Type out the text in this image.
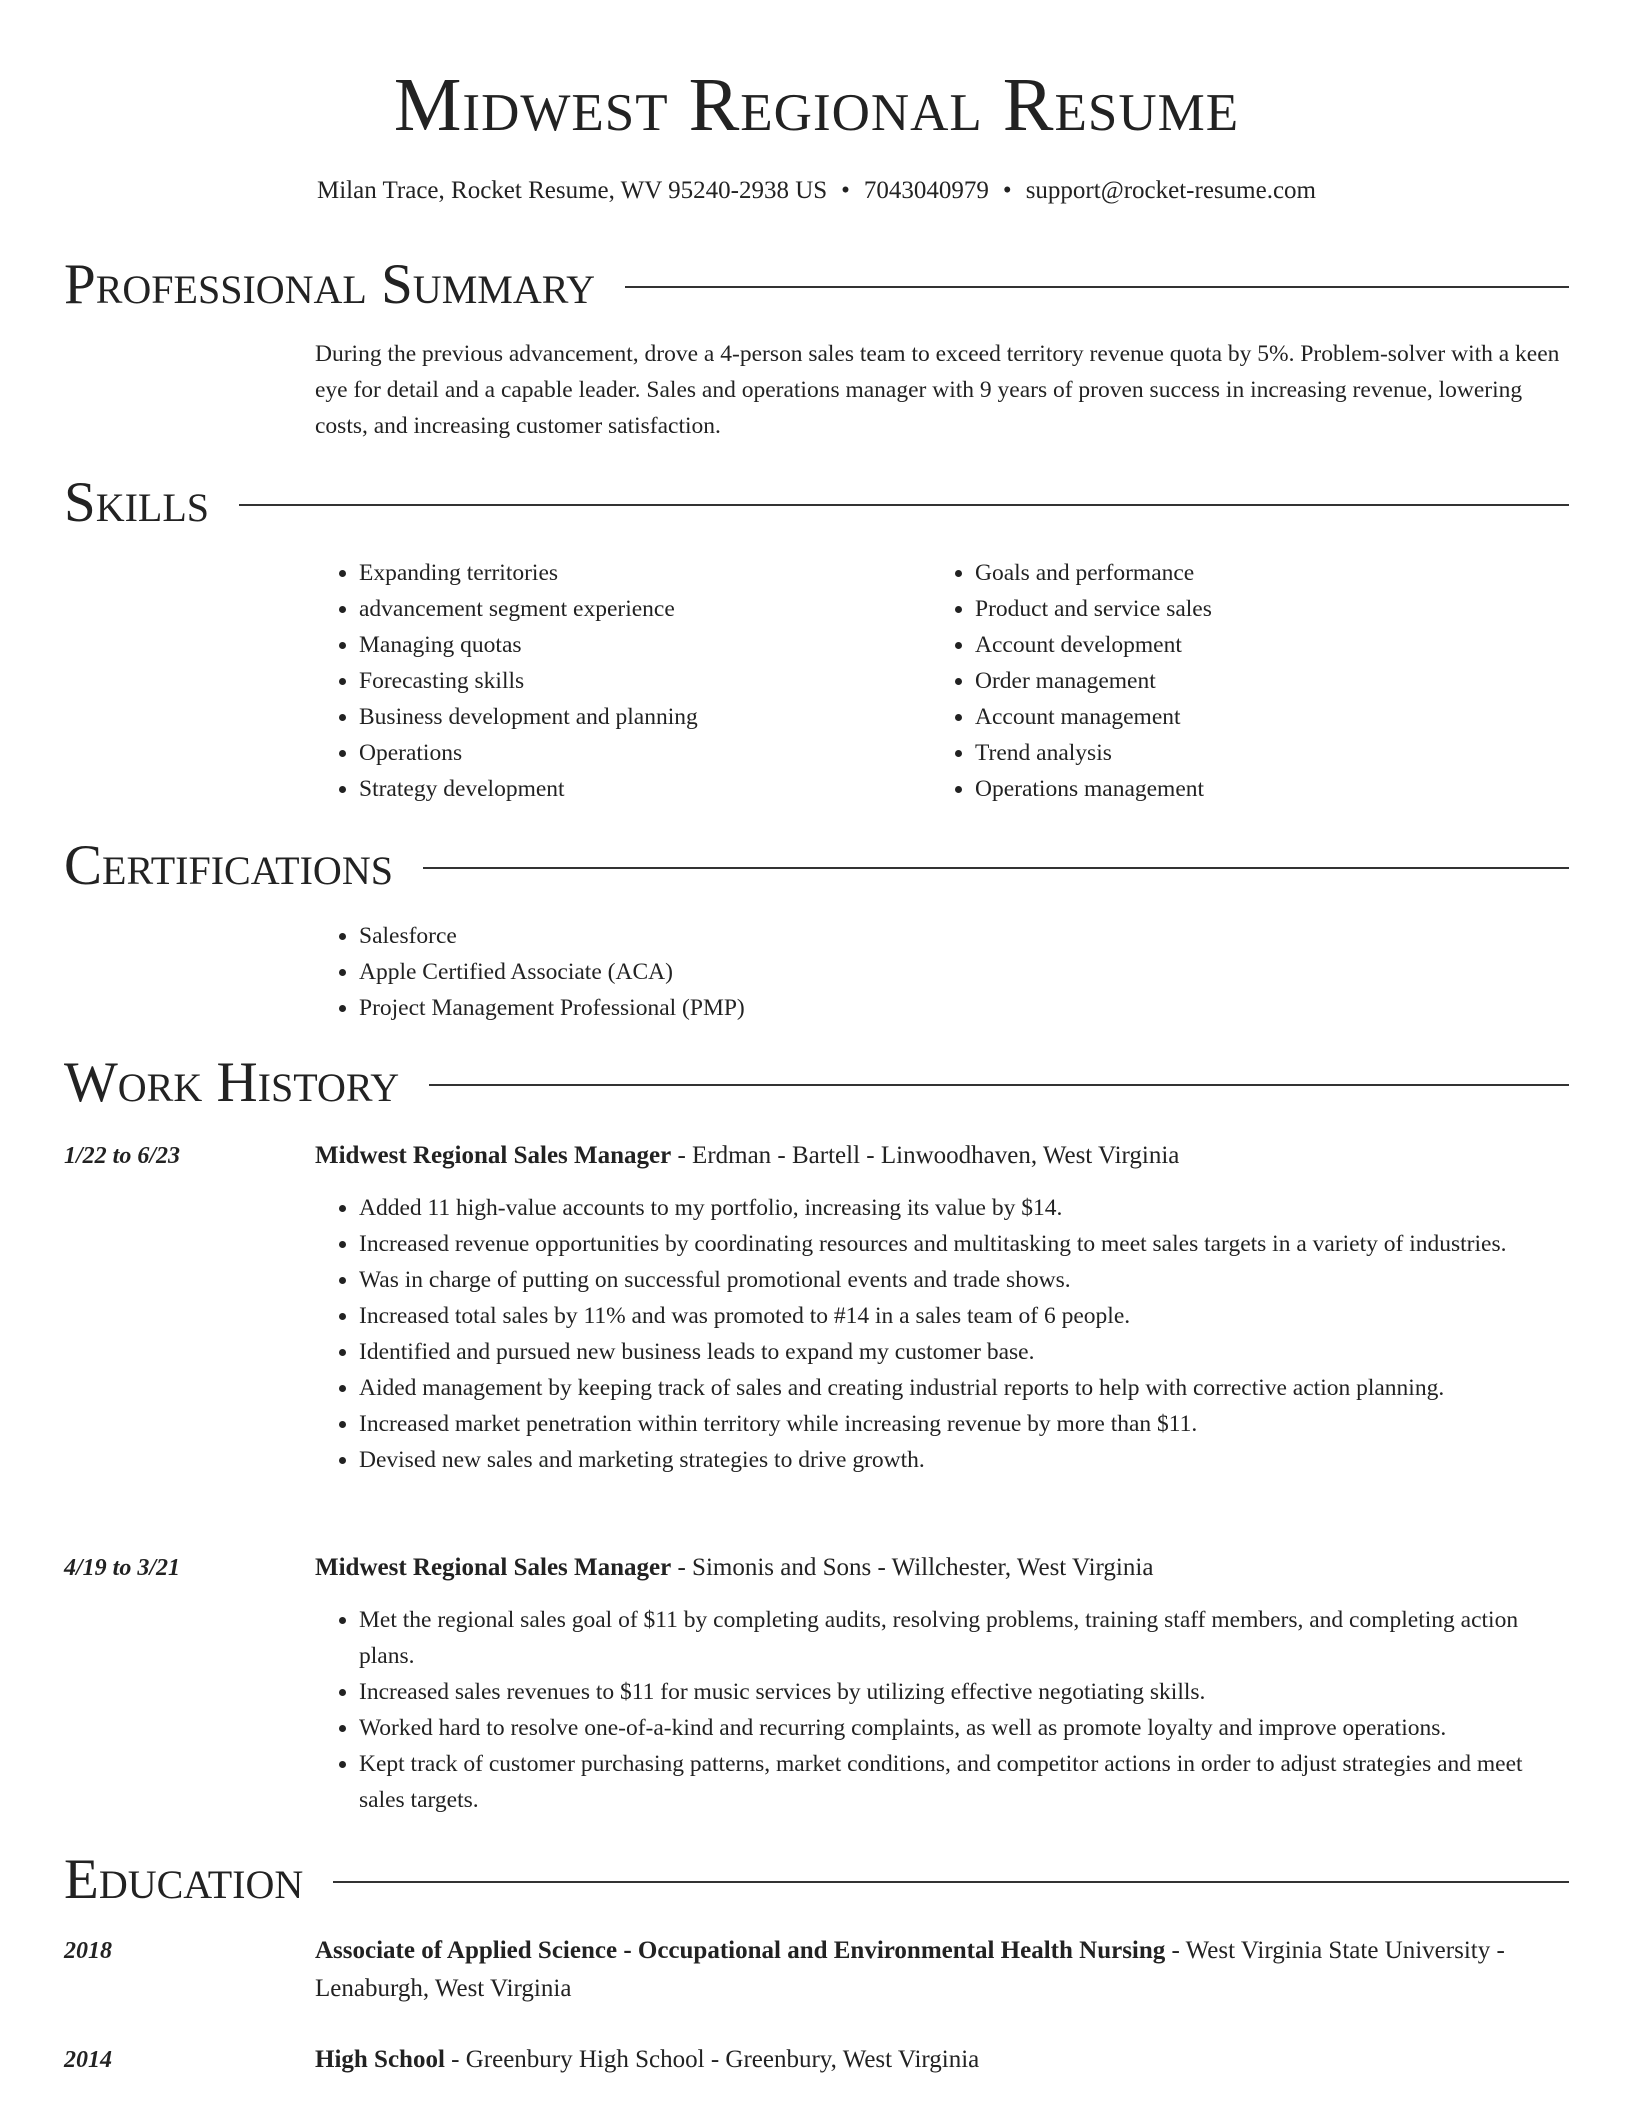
Midwest Regional Resume
Milan Trace, Rocket Resume, WV 95240-2938 US • 7043040979 • support@rocket-resume.com
Professional Summary
During the previous advancement, drove a 4-person sales team to exceed territory revenue quota by 5%. Problem-solver with a keen eye for detail and a capable leader. Sales and operations manager with 9 years of proven success in increasing revenue, lowering costs, and increasing customer satisfaction.
Skills
• Expanding territories
• advancement segment experience
• Managing quotas
• Forecasting skills
• Business development and planning
• Operations
• Strategy development
• Goals and performance
• Product and service sales
• Account development
• Order management
• Account management
• Trend analysis
• Operations management
Certifications
• Salesforce
• Apple Certified Associate (ACA)
• Project Management Professional (PMP)
Work History
1/22 to 6/23	Midwest Regional Sales Manager - Erdman - Bartell - Linwoodhaven, West Virginia
• Added 11 high-value accounts to my portfolio, increasing its value by $14.
• Increased revenue opportunities by coordinating resources and multitasking to meet sales targets in a variety of industries.
• Was in charge of putting on successful promotional events and trade shows.
• Increased total sales by 11% and was promoted to #14 in a sales team of 6 people.
• Identified and pursued new business leads to expand my customer base.
• Aided management by keeping track of sales and creating industrial reports to help with corrective action planning.
• Increased market penetration within territory while increasing revenue by more than $11.
• Devised new sales and marketing strategies to drive growth.
4/19 to 3/21	Midwest Regional Sales Manager - Simonis and Sons - Willchester, West Virginia
• Met the regional sales goal of $11 by completing audits, resolving problems, training staff members, and completing action plans.
• Increased sales revenues to $11 for music services by utilizing effective negotiating skills.
• Worked hard to resolve one-of-a-kind and recurring complaints, as well as promote loyalty and improve operations.
• Kept track of customer purchasing patterns, market conditions, and competitor actions in order to adjust strategies and meet sales targets.
Education
2018	Associate of Applied Science - Occupational and Environmental Health Nursing - West Virginia State University - Lenaburgh, West Virginia
2014	High School - Greenbury High School - Greenbury, West Virginia
